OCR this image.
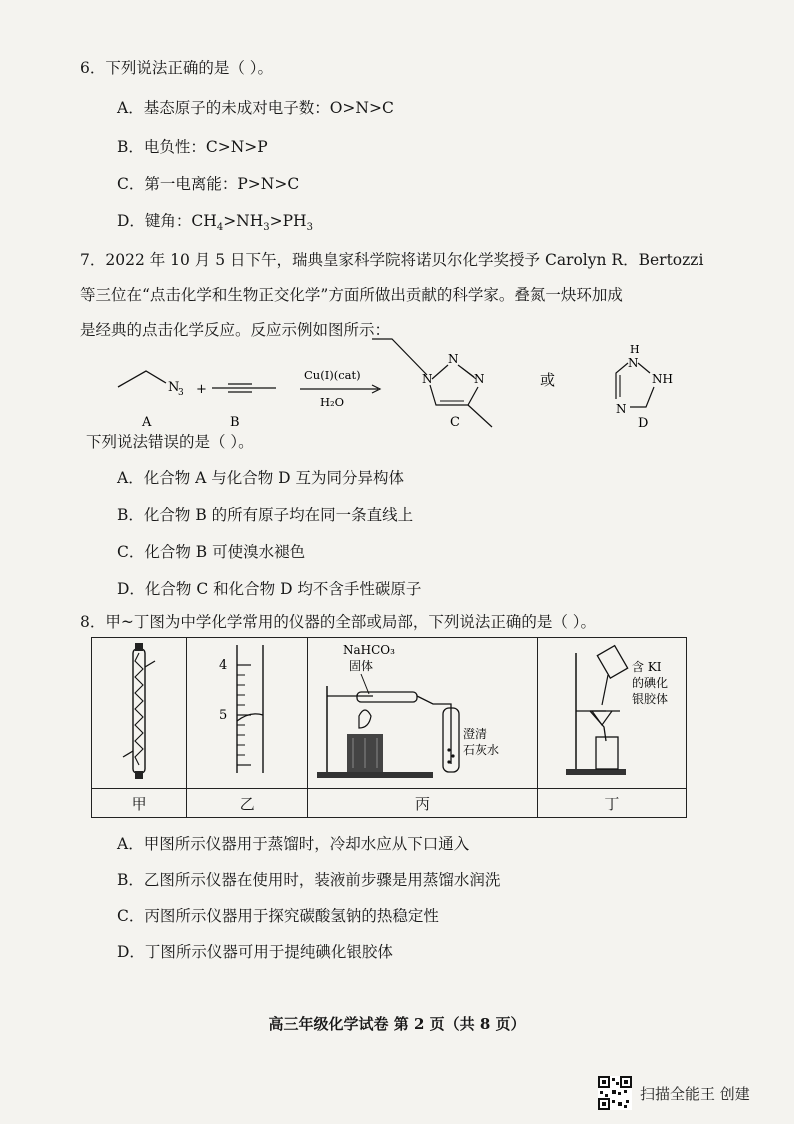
6．下列说法正确的是（ ）。
A．基态原子的未成对电子数：O>N>C
B．电负性：C>N>P
C．第一电离能：P>N>C
D．键角：$CH_4>NH_3>PH_3$
7．2022 年 10 月 5 日下午，瑞典皇家科学院将诺贝尔化学奖授予 Carolyn R．Bertozzi
等三位在“点击化学和生物正交化学”方面所做出贡献的科学家。叠氮一炔环加成
是经典的点击化学反应。反应示例如图所示：
N
3 +
Cu(I)(cat)
H₂O
N
N
N	或
H
N
NH
N
A	B	C	D
下列说法错误的是（ ）。
A．化合物 A 与化合物 D 互为同分异构体
B．化合物 B 的所有原子均在同一条直线上
C．化合物 B 可使溴水褪色
D．化合物 C 和化合物 D 均不含手性碳原子
8．甲~丁图为中学化学常用的仪器的全部或局部，下列说法正确的是（ ）。

4
5	NaHCO₃
固体
澄清
石灰水	含 KI
的碘化
银胶体

甲	乙	丙	丁
A．甲图所示仪器用于蒸馏时，冷却水应从下口通入
B．乙图所示仪器在使用时，装液前步骤是用蒸馏水润洗
C．丙图所示仪器用于探究碳酸氢钠的热稳定性
D．丁图所示仪器可用于提纯碘化银胶体
高三年级化学试卷 第 2 页（共 8 页）
扫描全能王 创建
